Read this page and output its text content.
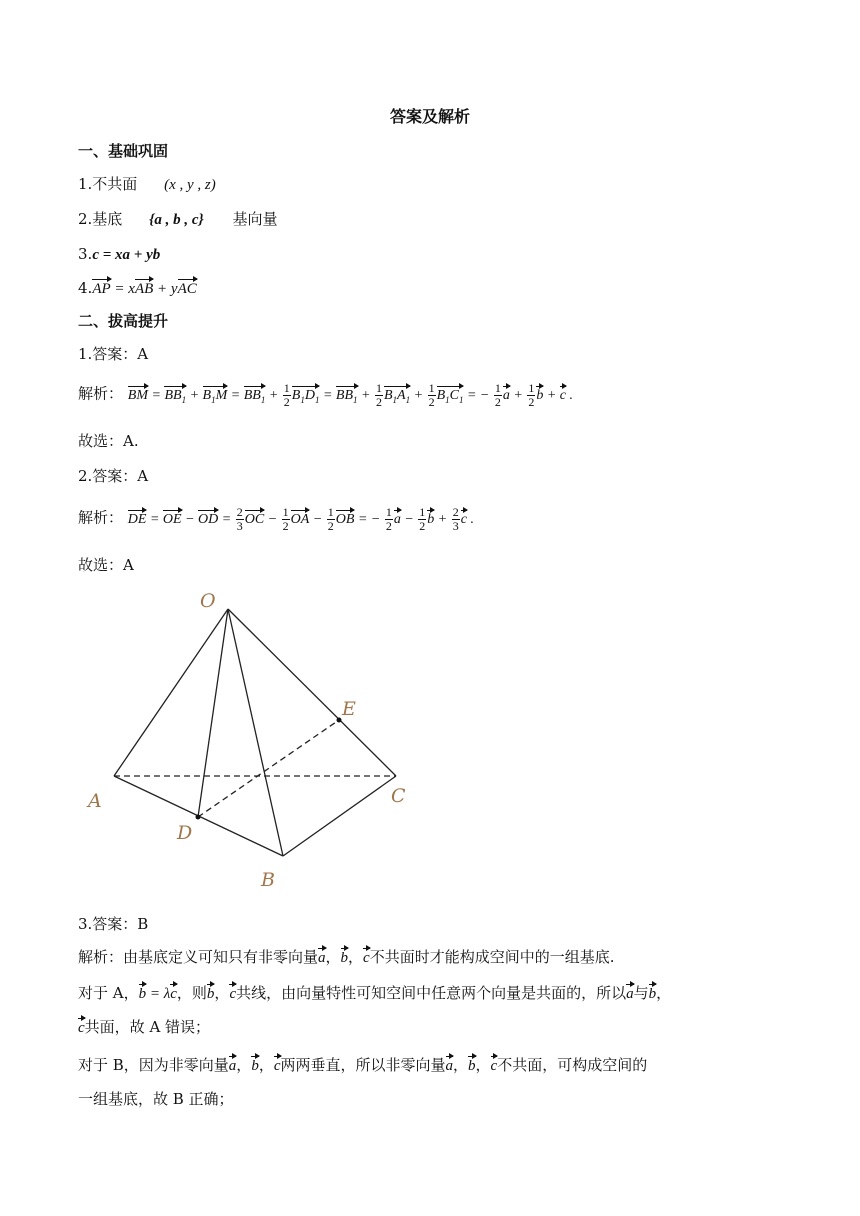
答案及解析
一、基础巩固
1.不共面 (x , y , z)
2.基底 {a , b , c} 基向量
3.c = xa + yb
4.AP = xAB + yAC
二、拔高提升
1.答案：A
解析： BM = $BB_1 + B_1M = BB_1 + \frac{1}{2} B_1D_1 = BB_1 + \frac{1}{2} B_1A_1 + \frac{1}{2} B_1C_1$ = − $\frac{1}{2}$ $a + \frac{1}{2}$ b + c .
故选：A.
2.答案：A
解析： DE = OE − OD = $\frac{2}{3}$ OC − $\frac{1}{2}$ OA − $\frac{1}{2}$ OB = − $\frac{1}{2}$ $a - \frac{1}{2}$ $b + \frac{2}{3}$ c .
故选：A
O
E
A	C
D
B
3.答案：B
解析：由基底定义可知只有非零向量a，b，c不共面时才能构成空间中的一组基底.
对于 A，b = λc，则b，c共线，由向量特性可知空间中任意两个向量是共面的，所以a与b，
c共面，故 A 错误；
对于 B，因为非零向量a，b，c两两垂直，所以非零向量a，b，c不共面，可构成空间的
一组基底，故 B 正确；
